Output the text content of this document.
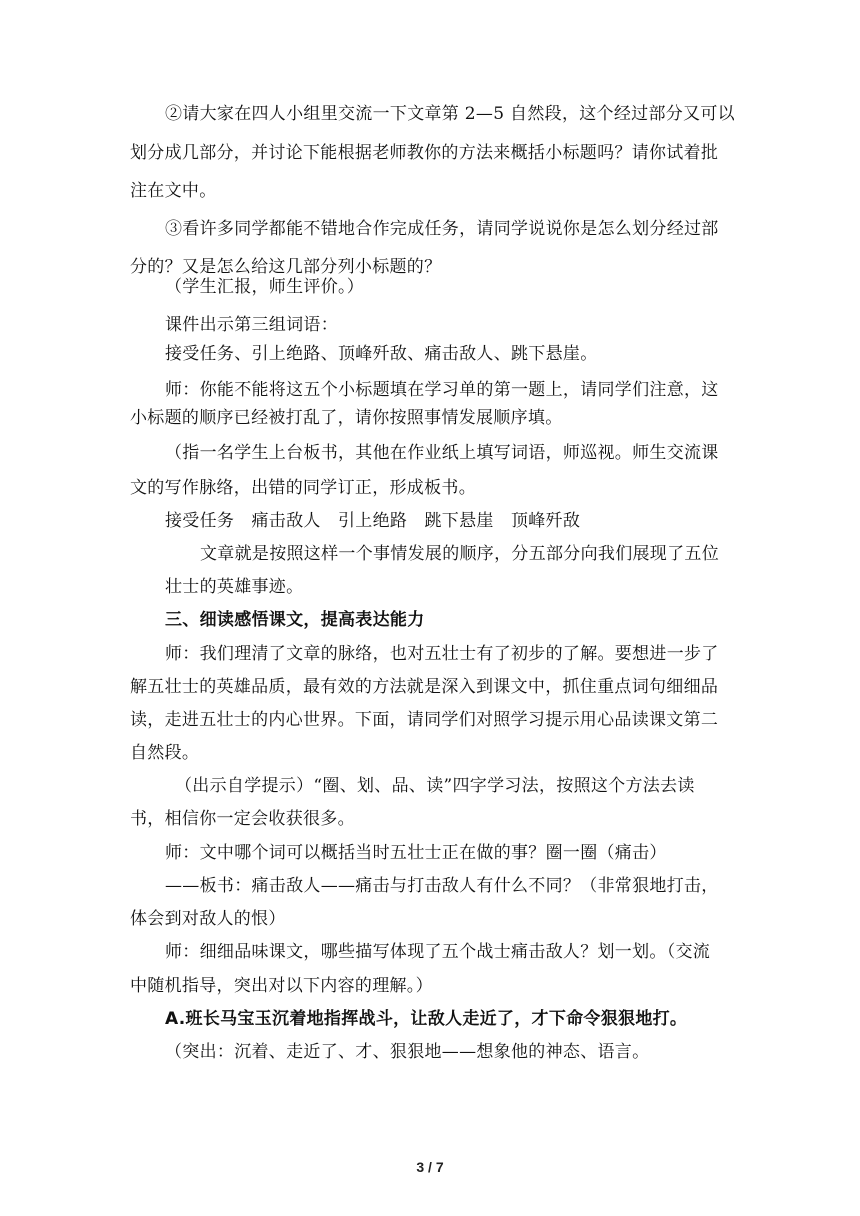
②请大家在四人小组里交流一下文章第 2—5 自然段，这个经过部分又可以
划分成几部分，并讨论下能根据老师教你的方法来概括小标题吗？请你试着批
注在文中。
③看许多同学都能不错地合作完成任务，请同学说说你是怎么划分经过部
分的？又是怎么给这几部分列小标题的？
（学生汇报，师生评价。）
课件出示第三组词语：
接受任务、引上绝路、顶峰歼敌、痛击敌人、跳下悬崖。
师：你能不能将这五个小标题填在学习单的第一题上，请同学们注意，这
小标题的顺序已经被打乱了，请你按照事情发展顺序填。
（指一名学生上台板书，其他在作业纸上填写词语，师巡视。师生交流课
文的写作脉络，出错的同学订正，形成板书。
接受任务　痛击敌人　引上绝路　跳下悬崖　顶峰歼敌
文章就是按照这样一个事情发展的顺序，分五部分向我们展现了五位
壮士的英雄事迹。
三、细读感悟课文，提高表达能力
师：我们理清了文章的脉络，也对五壮士有了初步的了解。要想进一步了
解五壮士的英雄品质，最有效的方法就是深入到课文中，抓住重点词句细细品
读，走进五壮士的内心世界。下面，请同学们对照学习提示用心品读课文第二
自然段。
（出示自学提示）“圈、划、品、读”四字学习法，按照这个方法去读
书，相信你一定会收获很多。
师：文中哪个词可以概括当时五壮士正在做的事？圈一圈（痛击）
——板书：痛击敌人——痛击与打击敌人有什么不同？（非常狠地打击，
体会到对敌人的恨）
师：细细品味课文，哪些描写体现了五个战士痛击敌人？划一划。（交流
中随机指导，突出对以下内容的理解。）
A.班长马宝玉沉着地指挥战斗，让敌人走近了，才下命令狠狠地打。
（突出：沉着、走近了、才、狠狠地——想象他的神态、语言。
3 / 7
